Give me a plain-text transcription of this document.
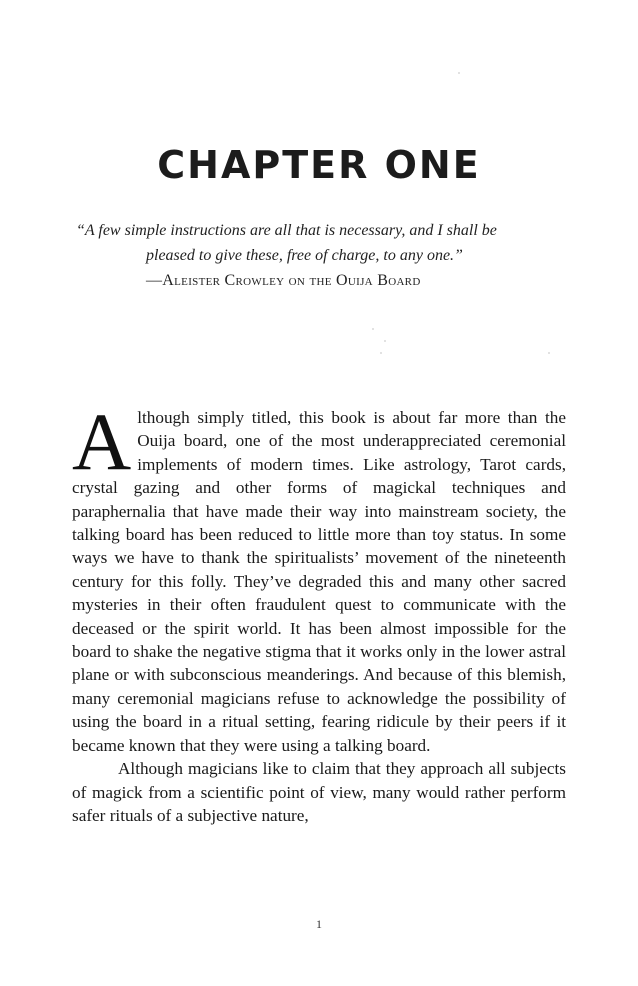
CHAPTER ONE
“A few simple instructions are all that is necessary, and I shall be
pleased to give these, free of charge, to any one.”
—Aleister Crowley on the Ouija Board

Although simply titled, this book is about far more than the Ouija board, one of the most underappreciated ceremonial implements of modern times. Like astrology, Tarot cards, crystal gazing and other forms of magickal techniques and paraphernalia that have made their way into mainstream society, the talking board has been reduced to little more than toy status. In some ways we have to thank the spiritualists’ movement of the nineteenth century for this folly. They’ve degraded this and many other sacred mysteries in their often fraudulent quest to communicate with the deceased or the spirit world. It has been almost impossible for the board to shake the negative stigma that it works only in the lower astral plane or with subconscious meanderings. And because of this blemish, many ceremonial magicians refuse to acknowledge the possibility of using the board in a ritual setting, fearing ridicule by their peers if it became known that they were using a talking board.

Although magicians like to claim that they approach all subjects of magick from a scientific point of view, many would rather perform safer rituals of a subjective nature,

1
